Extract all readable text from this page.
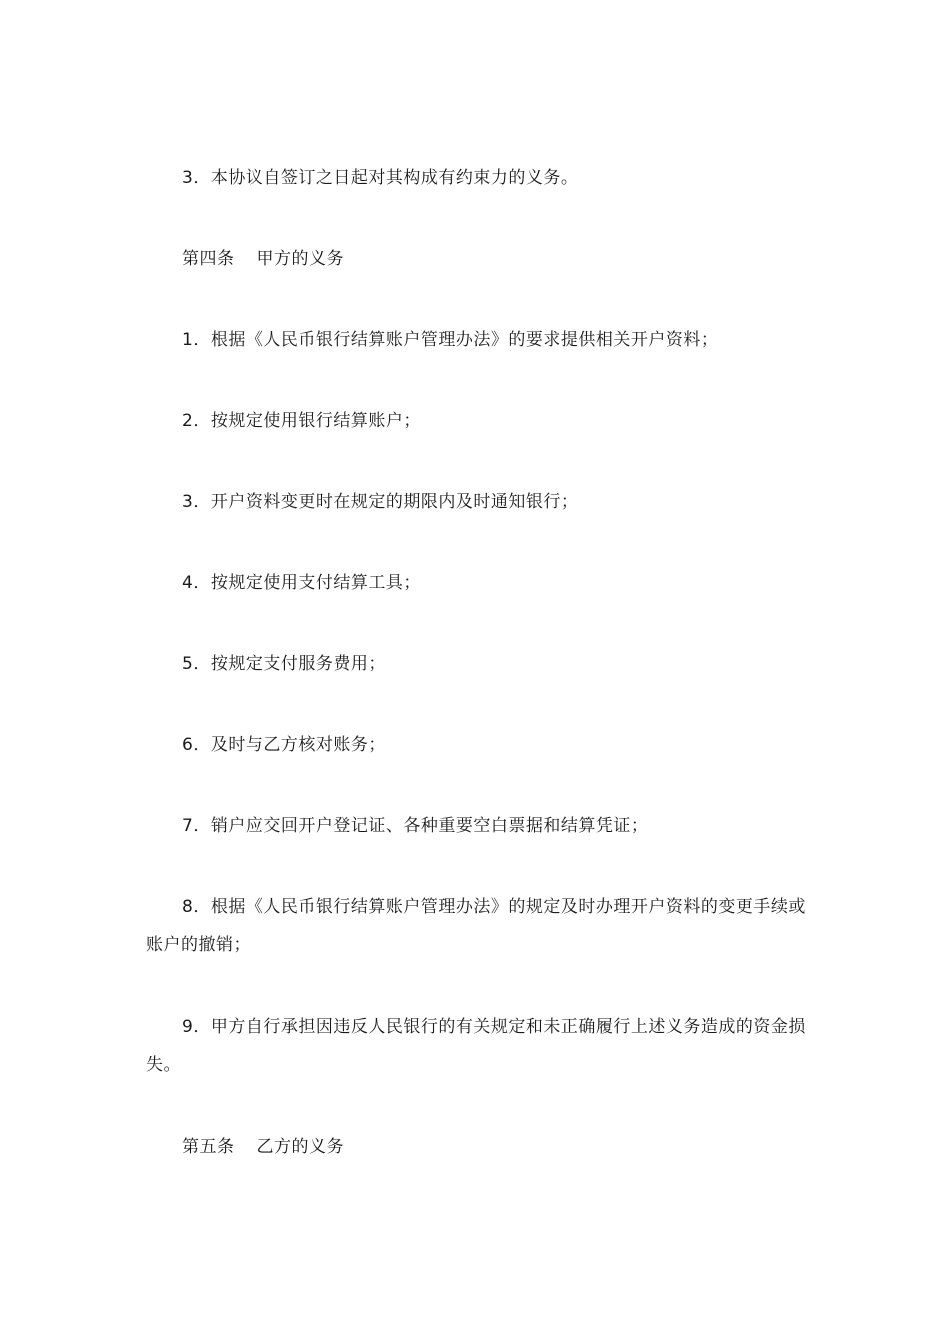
3．本协议自签订之日起对其构成有约束力的义务。

第四条 甲方的义务

1．根据《人民币银行结算账户管理办法》的要求提供相关开户资料；

2．按规定使用银行结算账户；

3．开户资料变更时在规定的期限内及时通知银行；

4．按规定使用支付结算工具；

5．按规定支付服务费用；

6．及时与乙方核对账务；

7．销户应交回开户登记证、各种重要空白票据和结算凭证；

8．根据《人民币银行结算账户管理办法》的规定及时办理开户资料的变更手续或账户的撤销；

9．甲方自行承担因违反人民银行的有关规定和未正确履行上述义务造成的资金损失。

第五条 乙方的义务
